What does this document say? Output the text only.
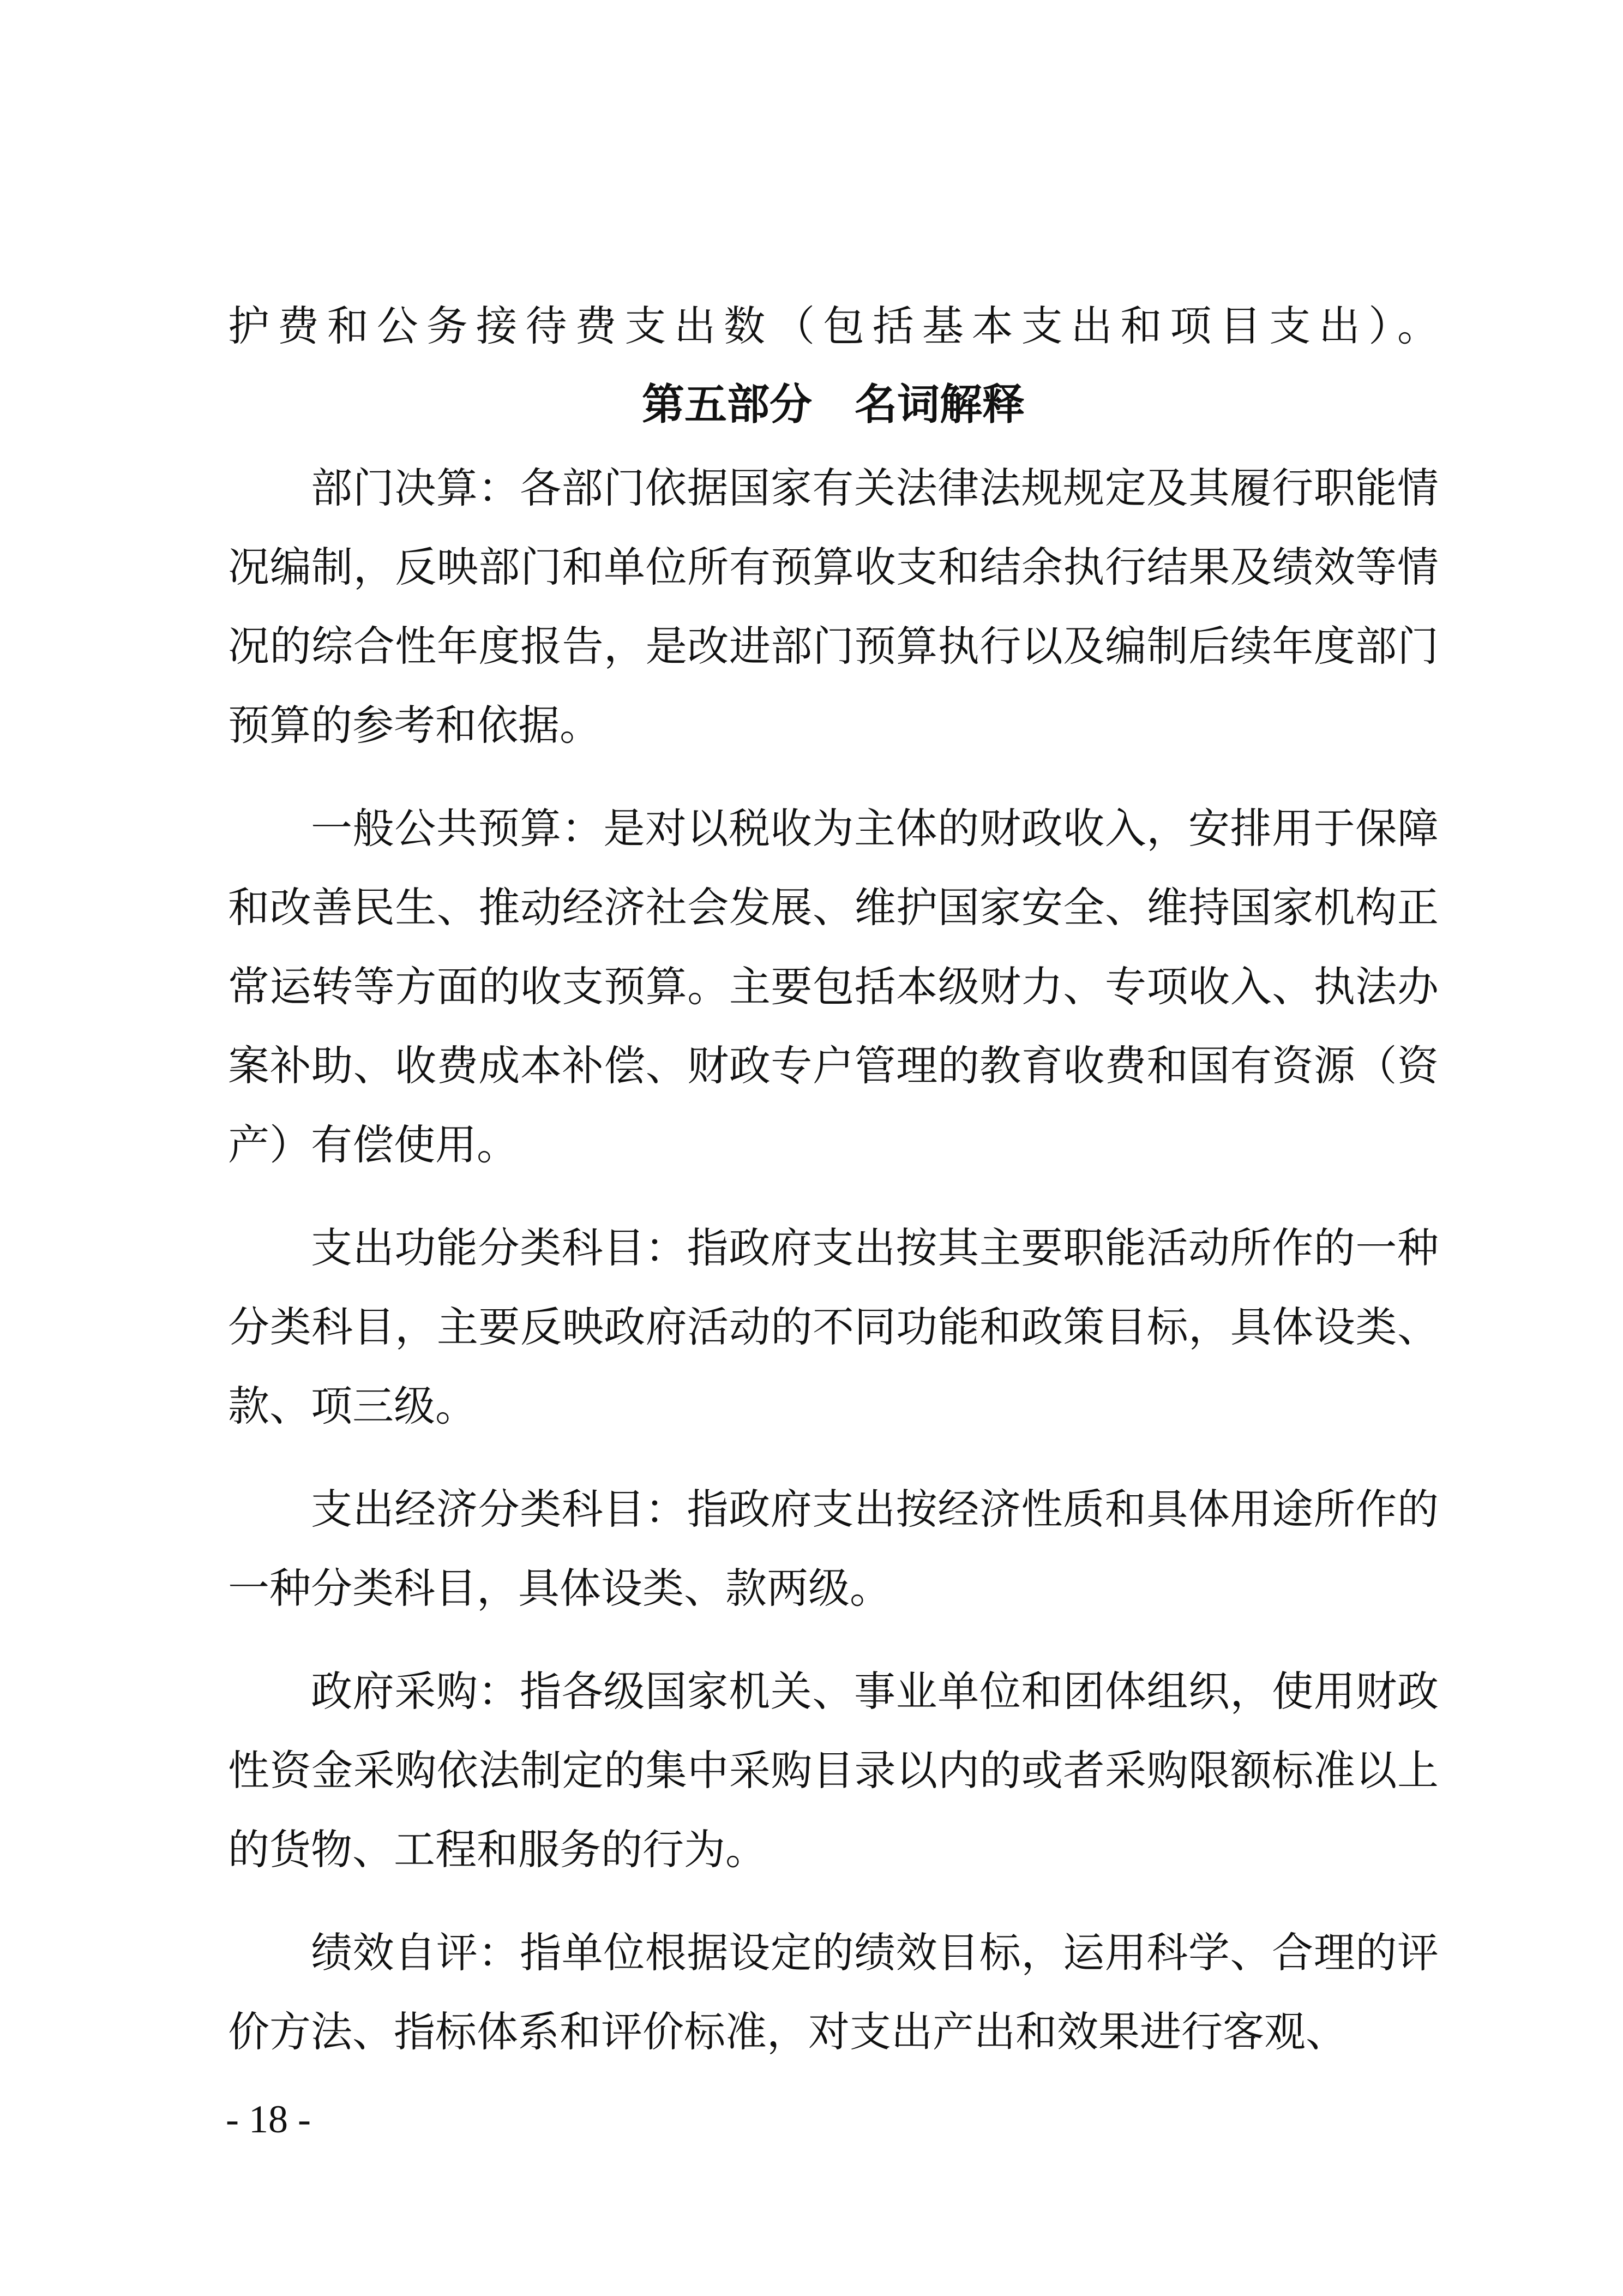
护费和公务接待费支出数（包括基本支出和项目支出）。

第五部分　名词解释

部门决算：各部门依据国家有关法律法规规定及其履行职能情况编制，反映部门和单位所有预算收支和结余执行结果及绩效等情况的综合性年度报告，是改进部门预算执行以及编制后续年度部门预算的参考和依据。

一般公共预算：是对以税收为主体的财政收入，安排用于保障和改善民生、推动经济社会发展、维护国家安全、维持国家机构正常运转等方面的收支预算。主要包括本级财力、专项收入、执法办案补助、收费成本补偿、财政专户管理的教育收费和国有资源（资产）有偿使用。

支出功能分类科目：指政府支出按其主要职能活动所作的一种分类科目，主要反映政府活动的不同功能和政策目标，具体设类、款、项三级。

支出经济分类科目：指政府支出按经济性质和具体用途所作的一种分类科目，具体设类、款两级。

政府采购：指各级国家机关、事业单位和团体组织，使用财政性资金采购依法制定的集中采购目录以内的或者采购限额标准以上的货物、工程和服务的行为。

绩效自评：指单位根据设定的绩效目标，运用科学、合理的评价方法、指标体系和评价标准，对支出产出和效果进行客观、

- 18 -
